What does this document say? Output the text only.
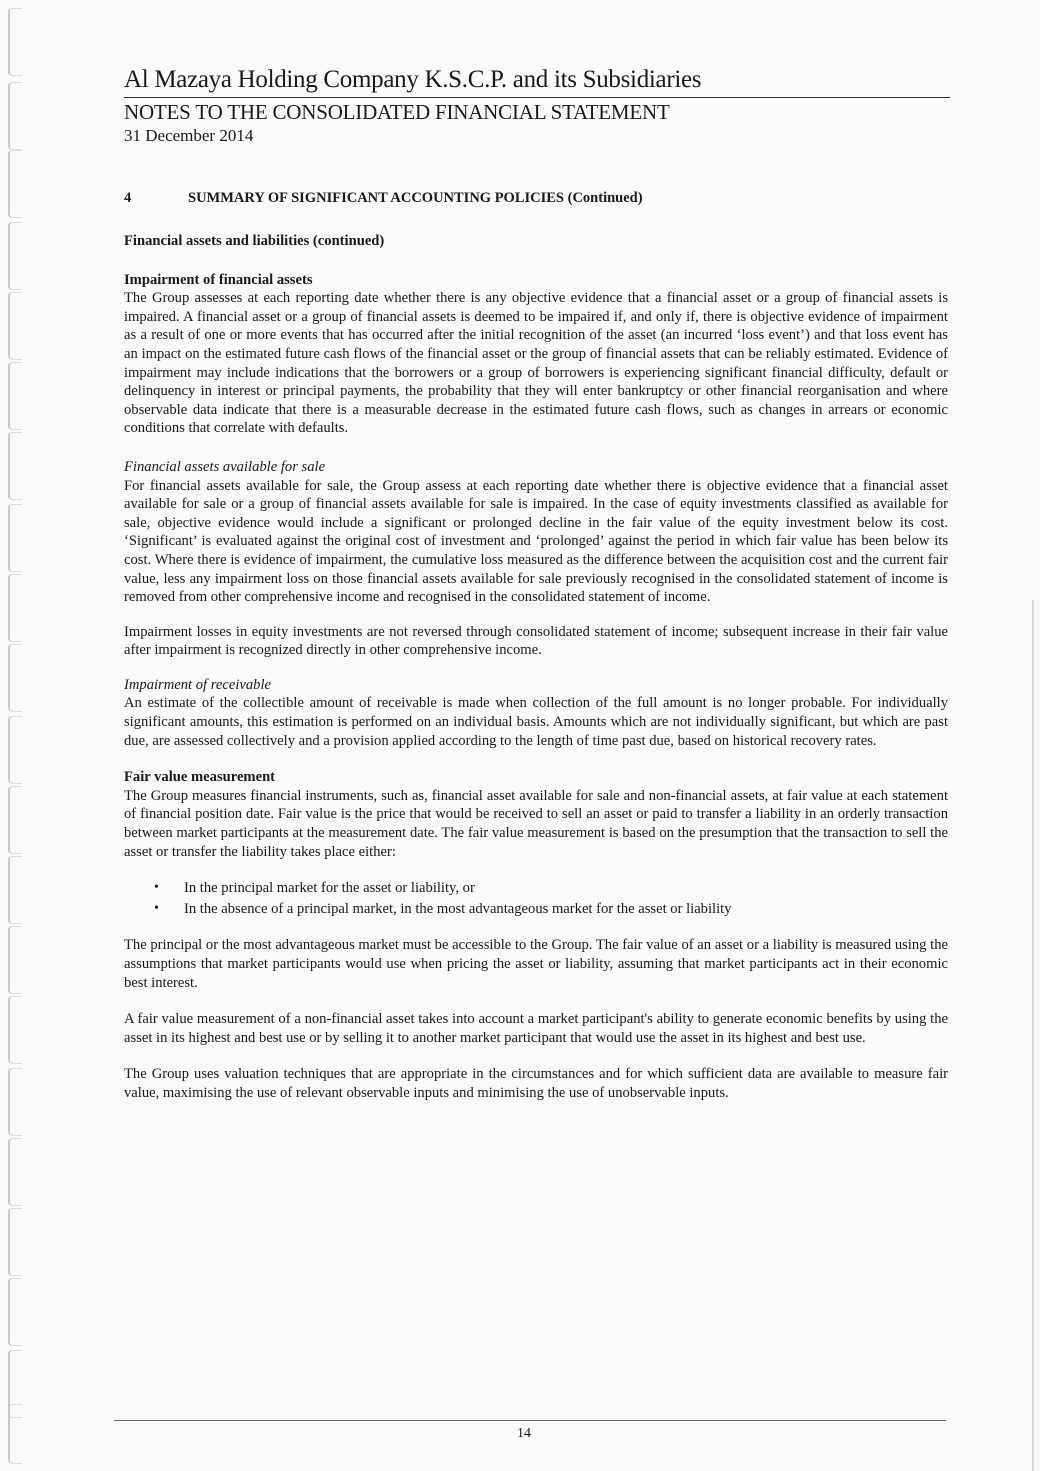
Al Mazaya Holding Company K.S.C.P. and its Subsidiaries
NOTES TO THE CONSOLIDATED FINANCIAL STATEMENT
31 December 2014
4	SUMMARY OF SIGNIFICANT ACCOUNTING POLICIES (Continued)

Financial assets and liabilities (continued)

Impairment of financial assets

The Group assesses at each reporting date whether there is any objective evidence that a financial asset or a group of financial assets is impaired. A financial asset or a group of financial assets is deemed to be impaired if, and only if, there is objective evidence of impairment as a result of one or more events that has occurred after the initial recognition of the asset (an incurred ‘loss event’) and that loss event has an impact on the estimated future cash flows of the financial asset or the group of financial assets that can be reliably estimated. Evidence of impairment may include indications that the borrowers or a group of borrowers is experiencing significant financial difficulty, default or delinquency in interest or principal payments, the probability that they will enter bankruptcy or other financial reorganisation and where observable data indicate that there is a measurable decrease in the estimated future cash flows, such as changes in arrears or economic conditions that correlate with defaults.

Financial assets available for sale

For financial assets available for sale, the Group assess at each reporting date whether there is objective evidence that a financial asset available for sale or a group of financial assets available for sale is impaired. In the case of equity investments classified as available for sale, objective evidence would include a significant or prolonged decline in the fair value of the equity investment below its cost. ‘Significant’ is evaluated against the original cost of investment and ‘prolonged’ against the period in which fair value has been below its cost. Where there is evidence of impairment, the cumulative loss measured as the difference between the acquisition cost and the current fair value, less any impairment loss on those financial assets available for sale previously recognised in the consolidated statement of income is removed from other comprehensive income and recognised in the consolidated statement of income.

Impairment losses in equity investments are not reversed through consolidated statement of income; subsequent increase in their fair value after impairment is recognized directly in other comprehensive income.

Impairment of receivable

An estimate of the collectible amount of receivable is made when collection of the full amount is no longer probable. For individually significant amounts, this estimation is performed on an individual basis. Amounts which are not individually significant, but which are past due, are assessed collectively and a provision applied according to the length of time past due, based on historical recovery rates.

Fair value measurement

The Group measures financial instruments, such as, financial asset available for sale and non-financial assets, at fair value at each statement of financial position date. Fair value is the price that would be received to sell an asset or paid to transfer a liability in an orderly transaction between market participants at the measurement date. The fair value measurement is based on the presumption that the transaction to sell the asset or transfer the liability takes place either:

• In the principal market for the asset or liability, or
• In the absence of a principal market, in the most advantageous market for the asset or liability

The principal or the most advantageous market must be accessible to the Group. The fair value of an asset or a liability is measured using the assumptions that market participants would use when pricing the asset or liability, assuming that market participants act in their economic best interest.

A fair value measurement of a non-financial asset takes into account a market participant's ability to generate economic benefits by using the asset in its highest and best use or by selling it to another market participant that would use the asset in its highest and best use.

The Group uses valuation techniques that are appropriate in the circumstances and for which sufficient data are available to measure fair value, maximising the use of relevant observable inputs and minimising the use of unobservable inputs.

14
